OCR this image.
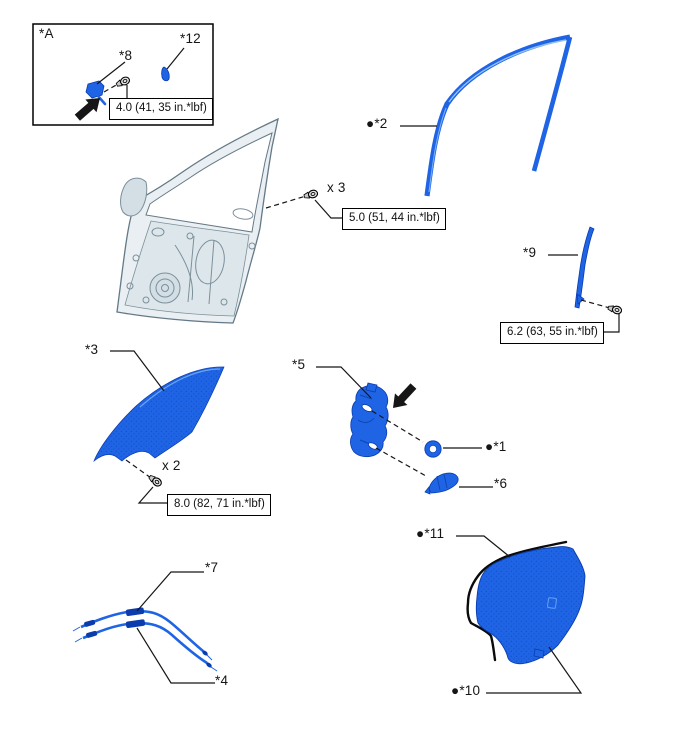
*A
*8
*12
4.0 (41, 35 in.*lbf)
●*2
x 3
5.0 (51, 44 in.*lbf)
*9
6.2 (63, 55 in.*lbf)
*3
x 2
8.0 (82, 71 in.*lbf)
*5
●*1
*6
*7
*4
●*11
●*10
